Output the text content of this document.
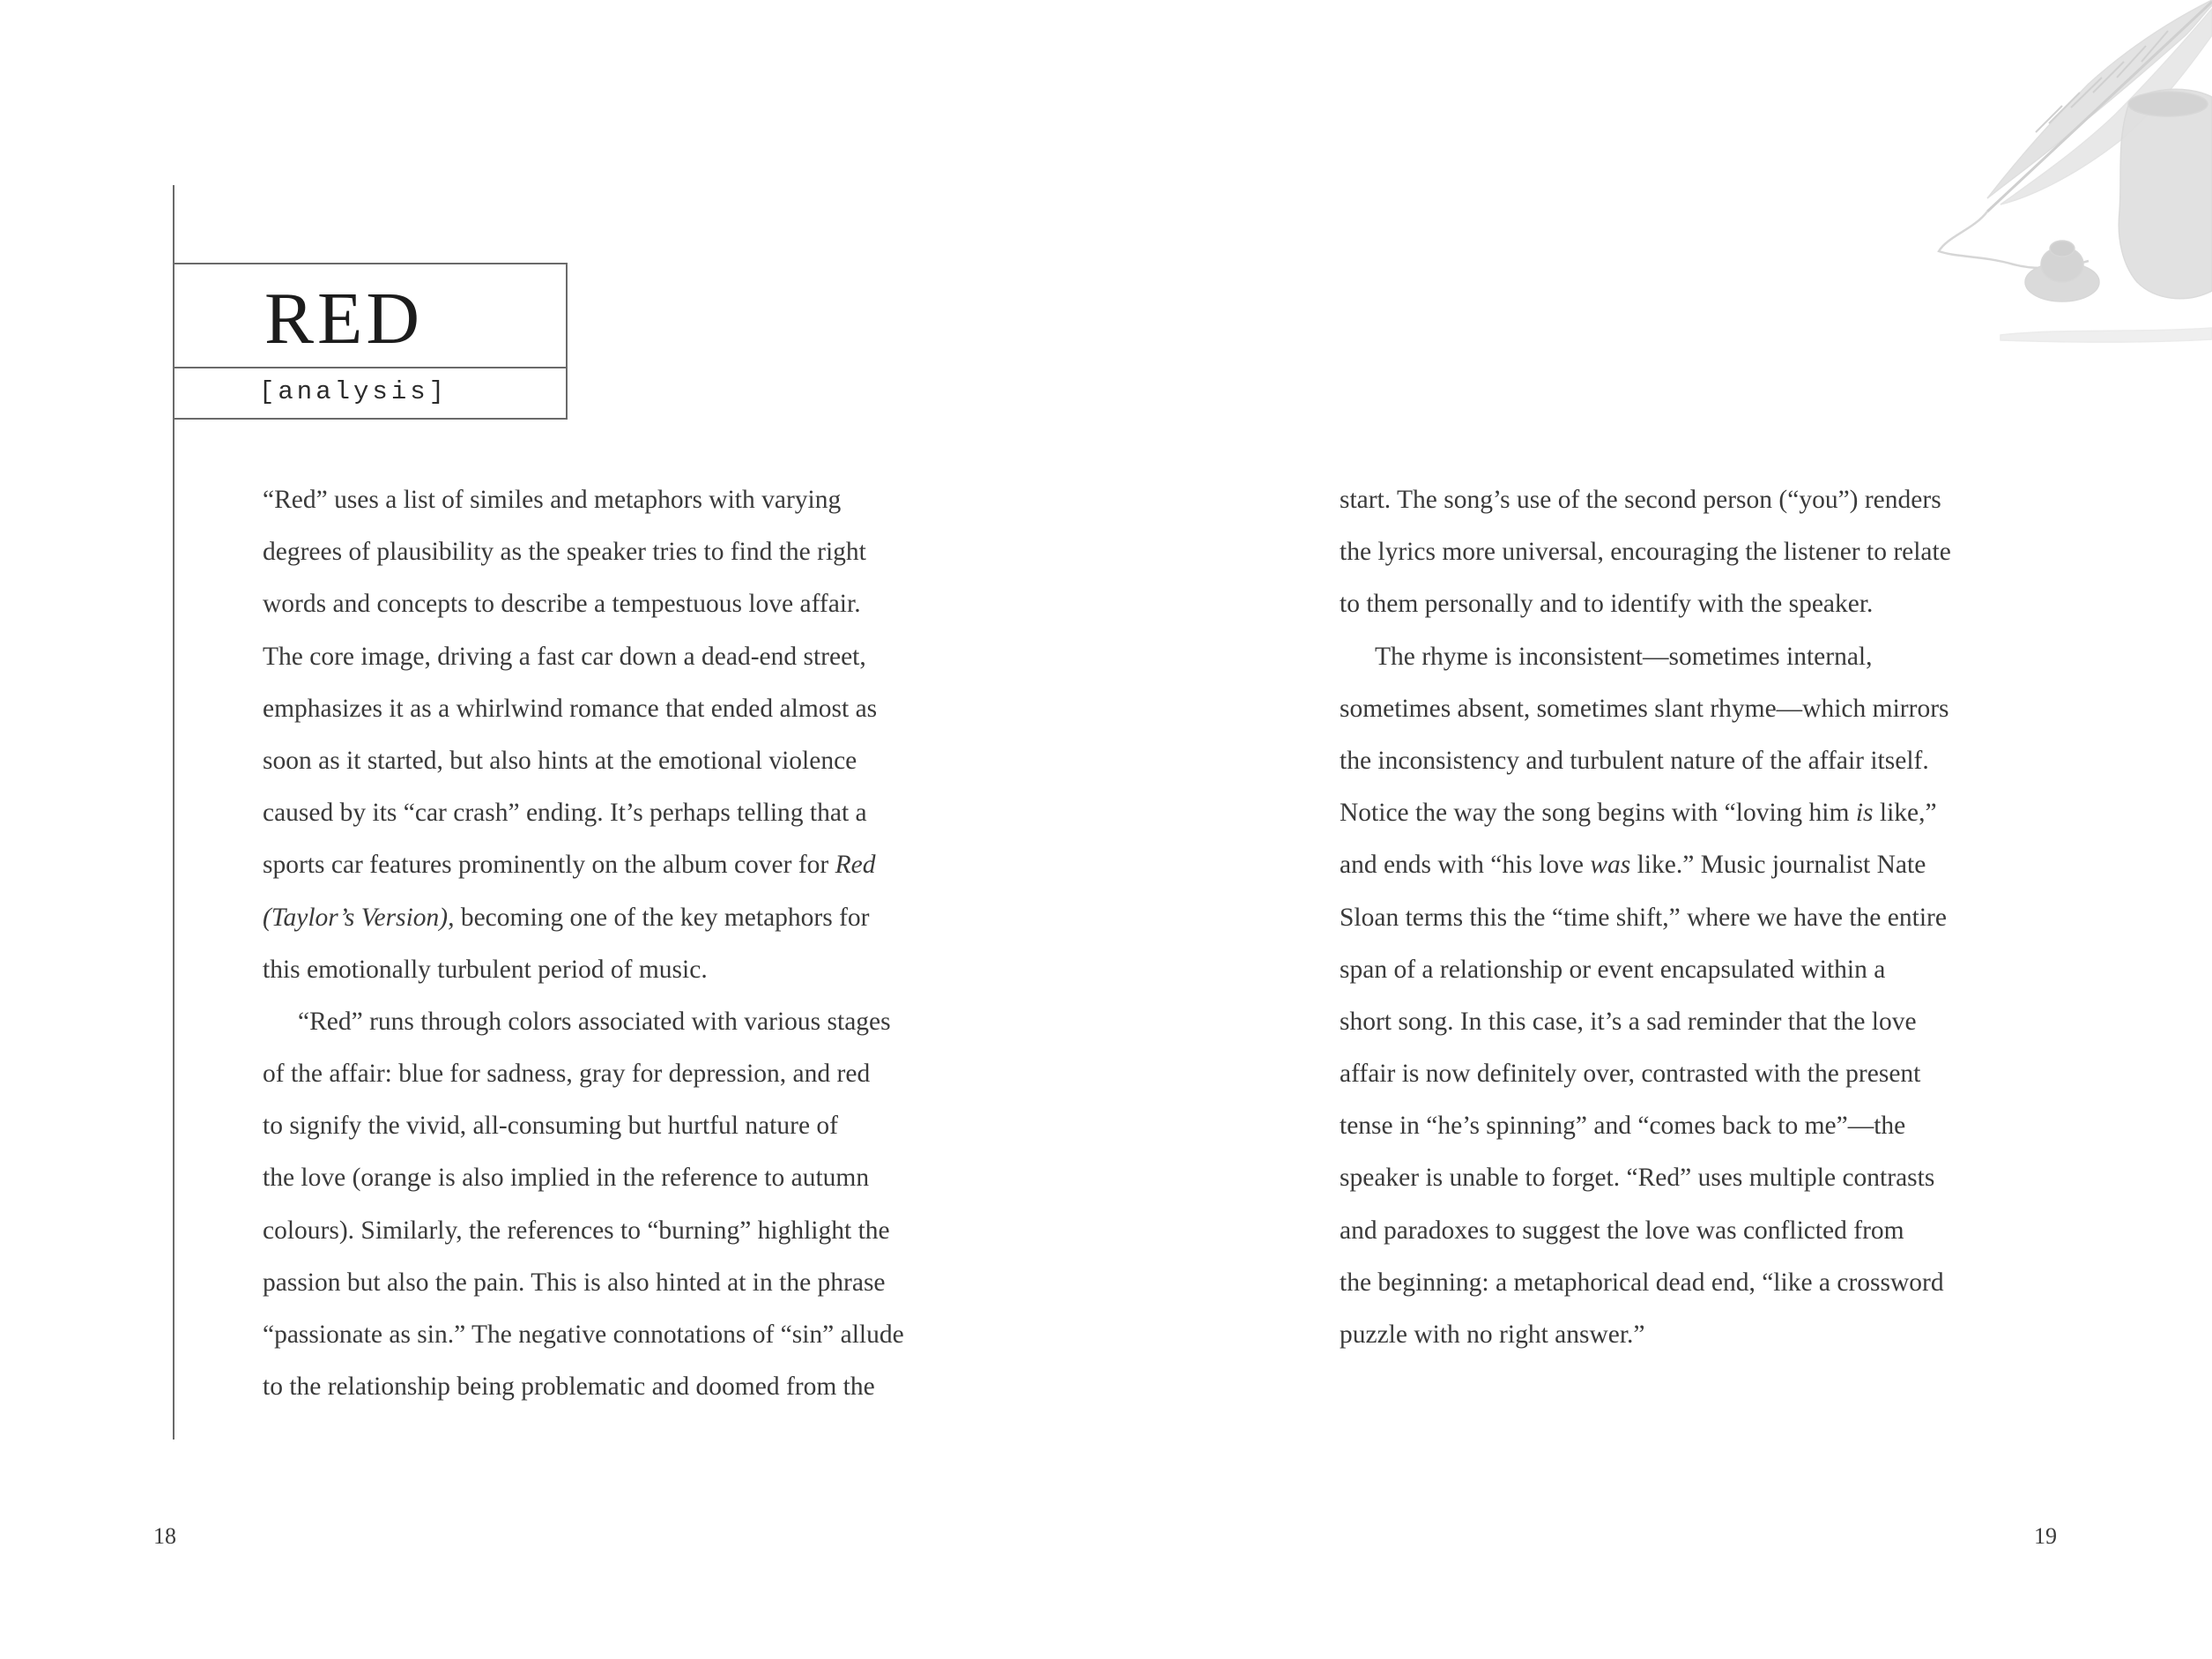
RED
[analysis]
“Red” uses a list of similes and metaphors with varying
degrees of plausibility as the speaker tries to find the right
words and concepts to describe a tempestuous love affair.
The core image, driving a fast car down a dead-end street,
emphasizes it as a whirlwind romance that ended almost as
soon as it started, but also hints at the emotional violence
caused by its “car crash” ending. It’s perhaps telling that a
sports car features prominently on the album cover for Red
(Taylor’s Version), becoming one of the key metaphors for
this emotionally turbulent period of music.
“Red” runs through colors associated with various stages
of the affair: blue for sadness, gray for depression, and red
to signify the vivid, all-consuming but hurtful nature of
the love (orange is also implied in the reference to autumn
colours). Similarly, the references to “burning” highlight the
passion but also the pain. This is also hinted at in the phrase
“passionate as sin.” The negative connotations of “sin” allude
to the relationship being problematic and doomed from the
start. The song’s use of the second person (“you”) renders
the lyrics more universal, encouraging the listener to relate
to them personally and to identify with the speaker.
The rhyme is inconsistent—sometimes internal,
sometimes absent, sometimes slant rhyme—which mirrors
the inconsistency and turbulent nature of the affair itself.
Notice the way the song begins with “loving him is like,”
and ends with “his love was like.” Music journalist Nate
Sloan terms this the “time shift,” where we have the entire
span of a relationship or event encapsulated within a
short song. In this case, it’s a sad reminder that the love
affair is now definitely over, contrasted with the present
tense in “he’s spinning” and “comes back to me”—the
speaker is unable to forget. “Red” uses multiple contrasts
and paradoxes to suggest the love was conflicted from
the beginning: a metaphorical dead end, “like a crossword
puzzle with no right answer.”
18	19
